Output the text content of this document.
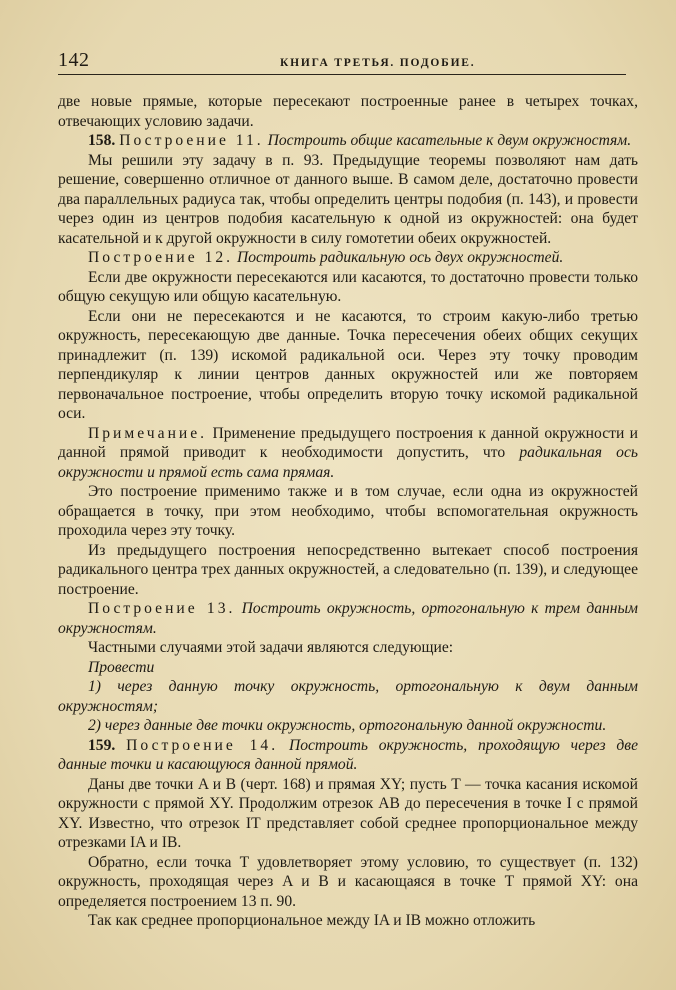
142	КНИГА ТРЕТЬЯ. ПОДОБИЕ.

две новые прямые, которые пересекают построенные ранее в четырех точках, отвечающих условию задачи.

158. Построение 11. Построить общие касательные к двум окружностям.

Мы решили эту задачу в п. 93. Предыдущие теоремы позволяют нам дать решение, совершенно отличное от данного выше. В самом деле, достаточно провести два параллельных радиуса так, чтобы определить центры подобия (п. 143), и провести через один из центров подобия касательную к одной из окружностей: она будет касательной и к другой окружности в силу гомотетии обеих окружностей.

Построение 12. Построить радикальную ось двух окружностей.

Если две окружности пересекаются или касаются, то достаточно провести только общую секущую или общую касательную.

Если они не пересекаются и не касаются, то строим какую-либо третью окружность, пересекающую две данные. Точка пересечения обеих общих секущих принадлежит (п. 139) искомой радикальной оси. Через эту точку проводим перпендикуляр к линии центров данных окружностей или же повторяем первоначальное построение, чтобы определить вторую точку искомой радикальной оси.

Примечание. Применение предыдущего построения к данной окружности и данной прямой приводит к необходимости допустить, что радикальная ось окружности и прямой есть сама прямая.

Это построение применимо также и в том случае, если одна из окружностей обращается в точку, при этом необходимо, чтобы вспомогательная окружность проходила через эту точку.

Из предыдущего построения непосредственно вытекает способ построения радикального центра трех данных окружностей, а следовательно (п. 139), и следующее построение.

Построение 13. Построить окружность, ортогональную к трем данным окружностям.

Частными случаями этой задачи являются следующие:

Провести

1) через данную точку окружность, ортогональную к двум данным окружностям;

2) через данные две точки окружность, ортогональную данной окружности.

159. Построение 14. Построить окружность, проходящую через две данные точки и касающуюся данной прямой.

Даны две точки A и B (черт. 168) и прямая XY; пусть T — точка касания искомой окружности с прямой XY. Продолжим отрезок AB до пересечения в точке I с прямой XY. Известно, что отрезок IT представляет собой среднее пропорциональное между отрезками IA и IB.

Обратно, если точка T удовлетворяет этому условию, то существует (п. 132) окружность, проходящая через A и B и касающаяся в точке T прямой XY: она определяется построением 13 п. 90.

Так как среднее пропорциональное между IA и IB можно отложить
